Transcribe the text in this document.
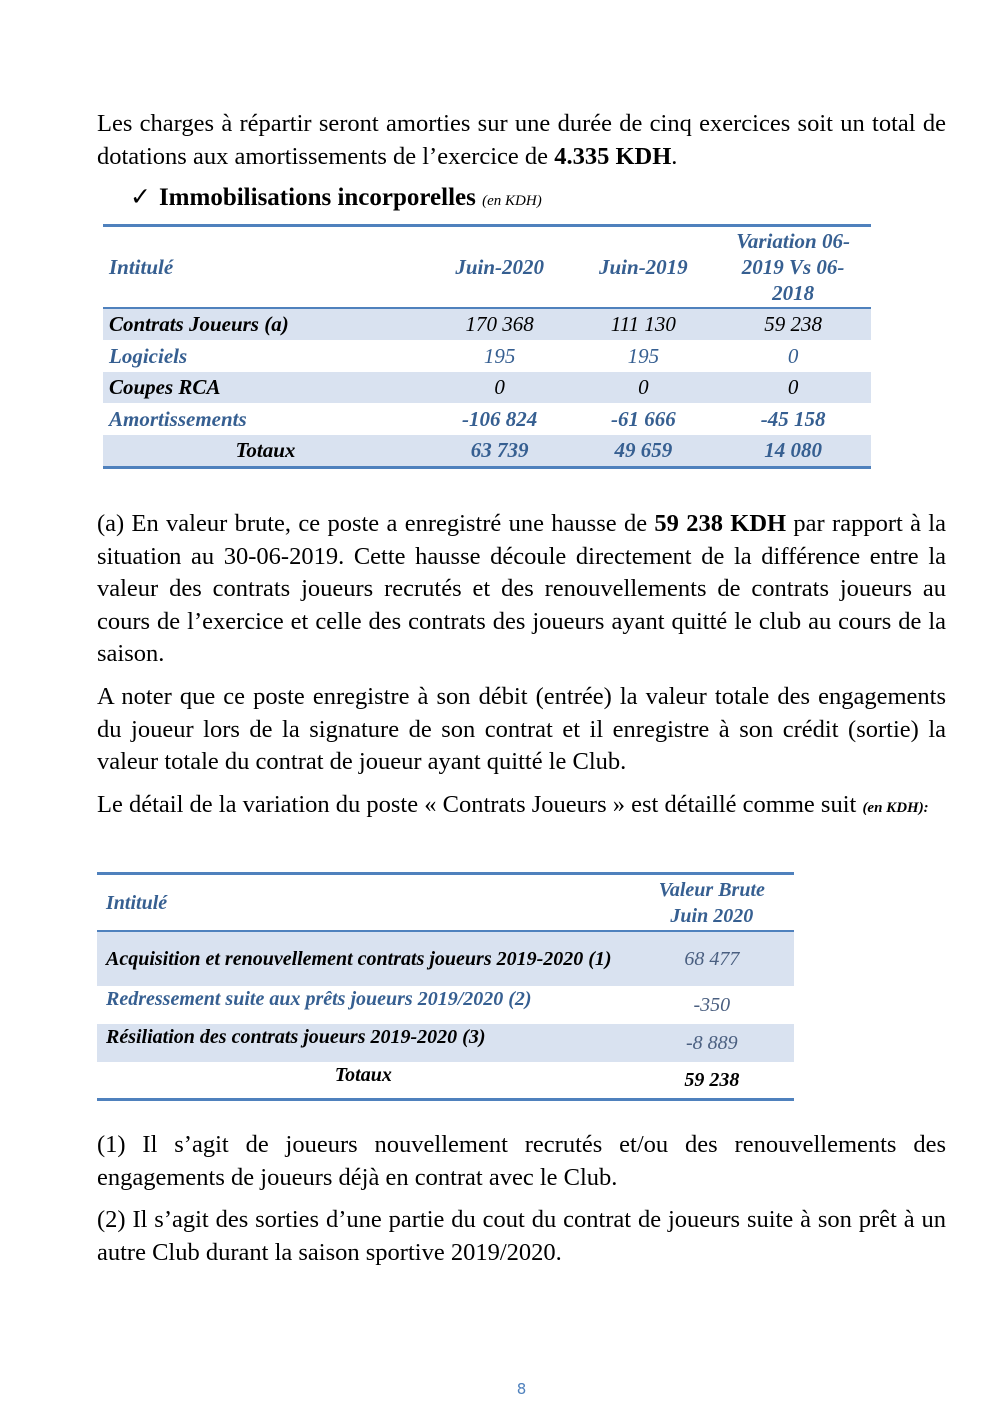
Les charges à répartir seront amorties sur une durée de cinq exercices soit un total de dotations aux amortissements de l’exercice de 4.335 KDH.

✓ Immobilisations incorporelles (en KDH)
Intitulé	Juin-2020	Juin-2019	Variation 06-2019 Vs 06-2018
Contrats Joueurs (a)	170 368	111 130	59 238
Logiciels	195	195	0
Coupes RCA	0	0	0
Amortissements	-106 824	-61 666	-45 158
Totaux	63 739	49 659	14 080

(a) En valeur brute, ce poste a enregistré une hausse de 59 238 KDH par rapport à la situation au 30-06-2019. Cette hausse découle directement de la différence entre la valeur des contrats joueurs recrutés et des renouvellements de contrats joueurs au cours de l’exercice et celle des contrats des joueurs ayant quitté le club au cours de la saison.

A noter que ce poste enregistre à son débit (entrée) la valeur totale des engagements du joueur lors de la signature de son contrat et il enregistre à son crédit (sortie) la valeur totale du contrat de joueur ayant quitté le Club.

Le détail de la variation du poste « Contrats Joueurs » est détaillé comme suit (en KDH):

Intitulé	Valeur Brute Juin 2020
Acquisition et renouvellement contrats joueurs 2019-2020 (1)	68 477
Redressement suite aux prêts joueurs 2019/2020 (2)	-350
Résiliation des contrats joueurs 2019-2020 (3)	-8 889
Totaux	59 238

(1) Il s’agit de joueurs nouvellement recrutés et/ou des renouvellements des engagements de joueurs déjà en contrat avec le Club.

(2) Il s’agit des sorties d’une partie du cout du contrat de joueurs suite à son prêt à un autre Club durant la saison sportive 2019/2020.

8
